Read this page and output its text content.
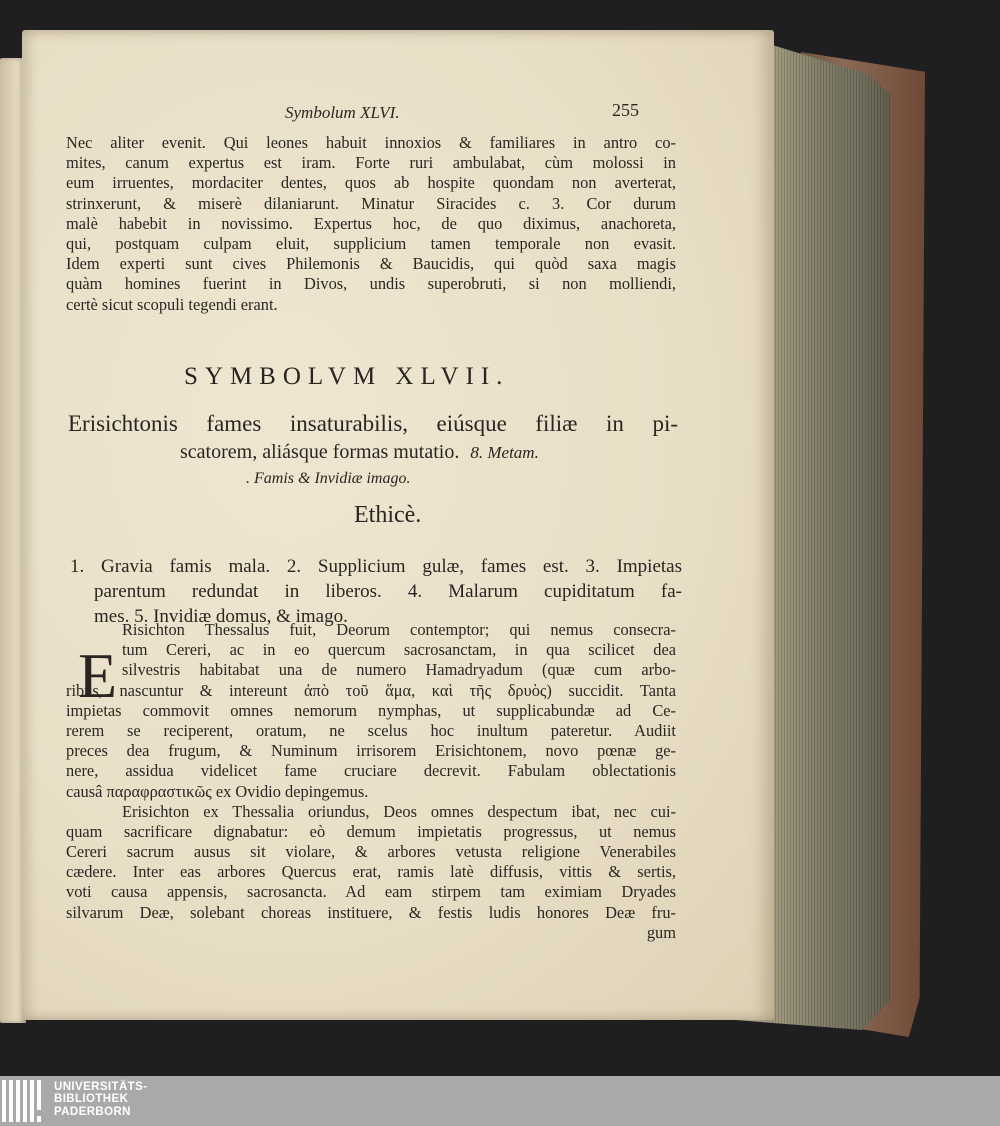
Symbolum XLVI.	255
Nec aliter evenit. Qui leones habuit innoxios & familiares in antro co-
mites, canum expertus est iram. Forte ruri ambulabat, cùm molossi in
eum irruentes, mordaciter dentes, quos ab hospite quondam non averterat,
strinxerunt, & miserè dilaniarunt. Minatur Siracides c. 3. Cor durum
malè habebit in novissimo. Expertus hoc, de quo diximus, anachoreta,
qui, postquam culpam eluit, supplicium tamen temporale non evasit.
Idem experti sunt cives Philemonis & Baucidis, qui quòd saxa magis
quàm homines fuerint in Divos, undis superobruti, si non molliendi,
certè sicut scopuli tegendi erant.
SYMBOLVM XLVII.
Erisichtonis fames insaturabilis, eiúsque filiæ in pi-
scatorem, aliásque formas mutatio. 8. Metam.
. Famis & Invidiæ imago.
Ethicè.
1. Gravia famis mala. 2. Supplicium gulæ, fames est. 3. Impietas
parentum redundat in liberos. 4. Malarum cupiditatum fa-
mes. 5. Invidiæ domus, & imago.
E
Risichton Thessalus fuit, Deorum contemptor; qui nemus consecra-
tum Cereri, ac in eo quercum sacrosanctam, in qua scilicet dea
silvestris habitabat una de numero Hamadryadum (quæ cum arbo-
ribus, nascuntur & intereunt ἀπὸ τοῦ ἅμα, καὶ τῆς δρυὸς) succidit. Tanta
impietas commovit omnes nemorum nymphas, ut supplicabundæ ad Ce-
rerem se reciperent, oratum, ne scelus hoc inultum pateretur. Audiit
preces dea frugum, & Numinum irrisorem Erisichtonem, novo pœnæ ge-
nere, assidua videlicet fame cruciare decrevit. Fabulam oblectationis
causâ παραφραστικῶς ex Ovidio depingemus.
Erisichton ex Thessalia oriundus, Deos omnes despectum ibat, nec cui-
quam sacrificare dignabatur: eò demum impietatis progressus, ut nemus
Cereri sacrum ausus sit violare, & arbores vetusta religione Venerabiles
cædere. Inter eas arbores Quercus erat, ramis latè diffusis, vittis & sertis,
voti causa appensis, sacrosancta. Ad eam stirpem tam eximiam Dryades
silvarum Deæ, solebant choreas instituere, & festis ludis honores Deæ fru-
gum
UNIVERSITÄTS-
BIBLIOTHEK
PADERBORN
